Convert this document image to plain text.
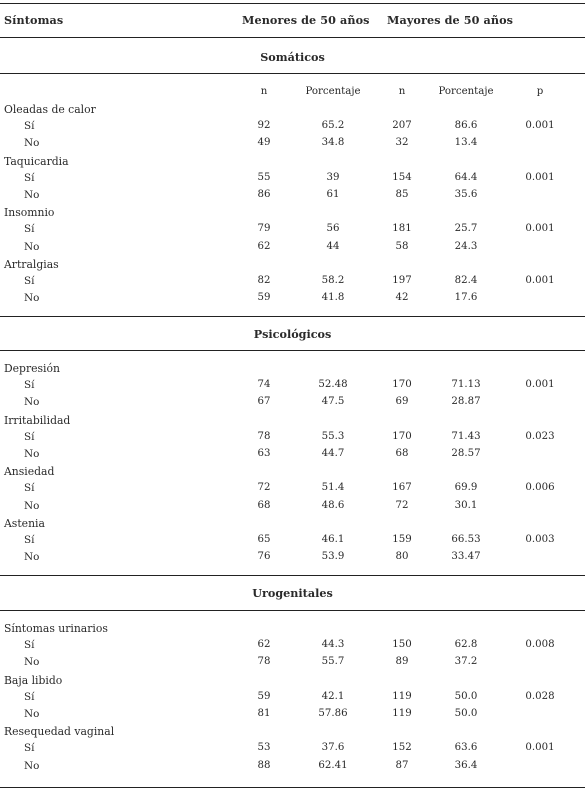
Síntomas	Menores de 50 años Mayores de 50 años
n	Porcentaje	n	Porcentaje	p
Somáticos
Oleadas de calor
Sí	92	65.2	207	86.6	0.001
No	49	34.8	32	13.4
Taquicardia
Sí	55	39	154	64.4	0.001
No	86	61	85	35.6
Insomnio
Sí	79	56	181	25.7	0.001
No	62	44	58	24.3
Artralgias
Sí	82	58.2	197	82.4	0.001
No	59	41.8	42	17.6
Psicológicos
Depresión
Sí	74	52.48	170	71.13	0.001
No	67	47.5	69	28.87
Irritabilidad
Sí	78	55.3	170	71.43	0.023
No	63	44.7	68	28.57
Ansiedad
Sí	72	51.4	167	69.9	0.006
No	68	48.6	72	30.1
Astenia
Sí	65	46.1	159	66.53	0.003
No	76	53.9	80	33.47
Urogenitales
Síntomas urinarios
Sí	62	44.3	150	62.8	0.008
No	78	55.7	89	37.2
Baja libido
Sí	59	42.1	119	50.0	0.028
No	81	57.86	119	50.0
Resequedad vaginal
Sí	53	37.6	152	63.6	0.001
No	88	62.41	87	36.4
